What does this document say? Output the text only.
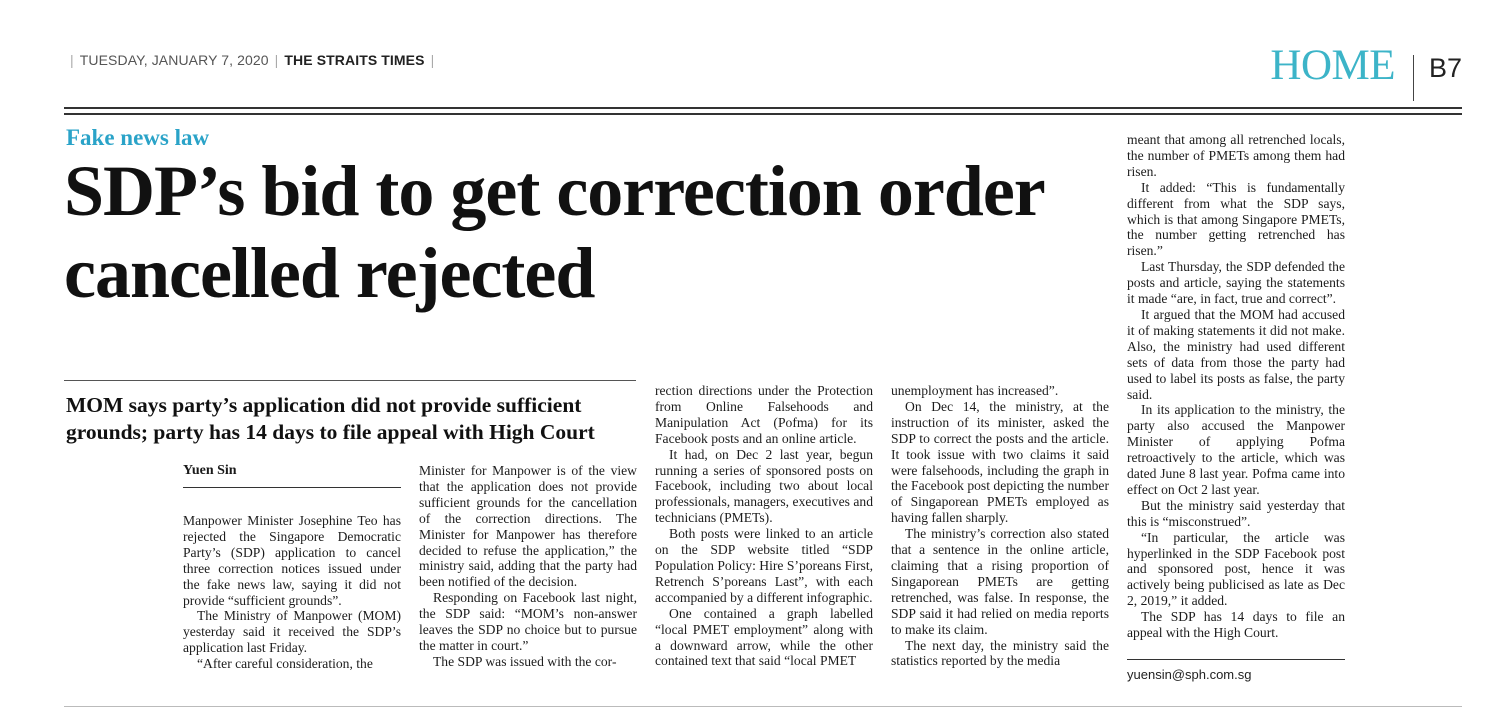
| TUESDAY, JANUARY 7, 2020 | THE STRAITS TIMES |	HOME B7
Fake news law
SDP’s bid to get correction order cancelled rejected
MOM says party’s application did not provide sufficient grounds; party has 14 days to file appeal with High Court
Yuen Sin

Manpower Minister Josephine Teo has rejected the Singapore Democratic Party’s (SDP) application to cancel three correction notices issued under the fake news law, saying it did not provide “sufficient grounds”.

The Ministry of Manpower (MOM) yesterday said it received the SDP’s application last Friday.

“After careful consideration, the

Minister for Manpower is of the view that the application does not provide sufficient grounds for the cancellation of the correction directions. The Minister for Manpower has therefore decided to refuse the application,” the ministry said, adding that the party had been notified of the decision.

Responding on Facebook last night, the SDP said: “MOM’s non-answer leaves the SDP no choice but to pursue the matter in court.”

The SDP was issued with the cor-

rection directions under the Protection from Online Falsehoods and Manipulation Act (Pofma) for its Facebook posts and an online article.

It had, on Dec 2 last year, begun running a series of sponsored posts on Facebook, including two about local professionals, managers, executives and technicians (PMETs).

Both posts were linked to an article on the SDP website titled “SDP Population Policy: Hire S’poreans First, Retrench S’poreans Last”, with each accompanied by a different infographic.

One contained a graph labelled “local PMET employment” along with a downward arrow, while the other contained text that said “local PMET

unemployment has increased”.

On Dec 14, the ministry, at the instruction of its minister, asked the SDP to correct the posts and the article. It took issue with two claims it said were falsehoods, including the graph in the Facebook post depicting the number of Singaporean PMETs employed as having fallen sharply.

The ministry’s correction also stated that a sentence in the online article, claiming that a rising proportion of Singaporean PMETs are getting retrenched, was false. In response, the SDP said it had relied on media reports to make its claim.

The next day, the ministry said the statistics reported by the media

meant that among all retrenched locals, the number of PMETs among them had risen.

It added: “This is fundamentally different from what the SDP says, which is that among Singapore PMETs, the number getting retrenched has risen.”

Last Thursday, the SDP defended the posts and article, saying the statements it made “are, in fact, true and correct”.

It argued that the MOM had accused it of making statements it did not make. Also, the ministry had used different sets of data from those the party had used to label its posts as false, the party said.

In its application to the ministry, the party also accused the Manpower Minister of applying Pofma retroactively to the article, which was dated June 8 last year. Pofma came into effect on Oct 2 last year.

But the ministry said yesterday that this is “misconstrued”.

“In particular, the article was hyperlinked in the SDP Facebook post and sponsored post, hence it was actively being publicised as late as Dec 2, 2019,” it added.

The SDP has 14 days to file an appeal with the High Court.

yuensin@sph.com.sg
